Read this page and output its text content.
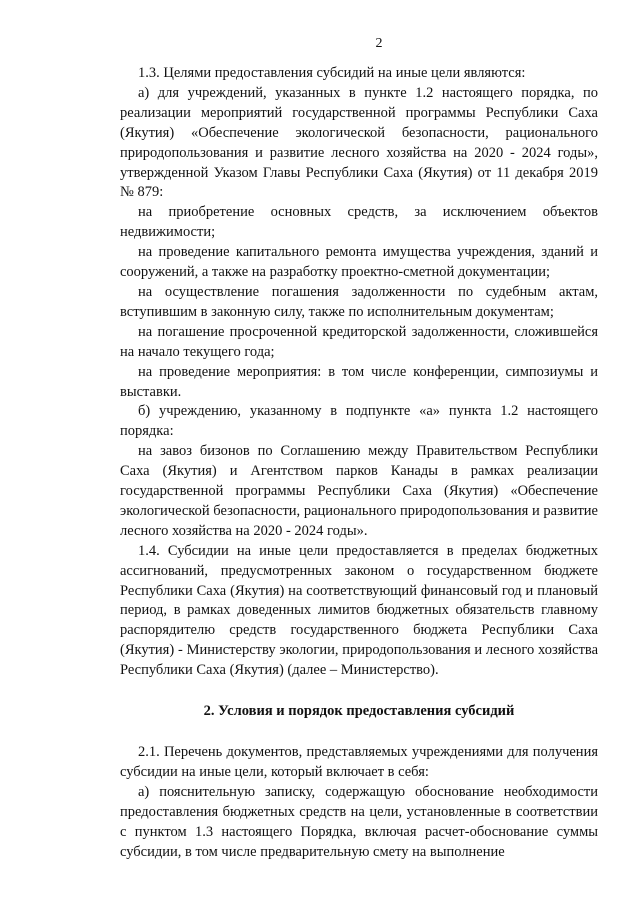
2

1.3. Целями предоставления субсидий на иные цели являются:

а) для учреждений, указанных в пункте 1.2 настоящего порядка, по реализации мероприятий государственной программы Республики Саха (Якутия) «Обеспечение экологической безопасности, рационального природопользования и развитие лесного хозяйства на 2020 - 2024 годы», утвержденной Указом Главы Республики Саха (Якутия) от 11 декабря 2019 № 879:

на приобретение основных средств, за исключением объектов недвижимости;

на проведение капитального ремонта имущества учреждения, зданий и сооружений, а также на разработку проектно-сметной документации;

на осуществление погашения задолженности по судебным актам, вступившим в законную силу, также по исполнительным документам;

на погашение просроченной кредиторской задолженности, сложившейся на начало текущего года;

на проведение мероприятия: в том числе конференции, симпозиумы и выставки.

б) учреждению, указанному в подпункте «а» пункта 1.2 настоящего порядка:

на завоз бизонов по Соглашению между Правительством Республики Саха (Якутия) и Агентством парков Канады в рамках реализации государственной программы Республики Саха (Якутия) «Обеспечение экологической безопасности, рационального природопользования и развитие лесного хозяйства на 2020 - 2024 годы».

1.4. Субсидии на иные цели предоставляется в пределах бюджетных ассигнований, предусмотренных законом о государственном бюджете Республики Саха (Якутия) на соответствующий финансовый год и плановый период, в рамках доведенных лимитов бюджетных обязательств главному распорядителю средств государственного бюджета Республики Саха (Якутия) - Министерству экологии, природопользования и лесного хозяйства Республики Саха (Якутия) (далее – Министерство).

2. Условия и порядок предоставления субсидий

2.1. Перечень документов, представляемых учреждениями для получения субсидии на иные цели, который включает в себя:

а) пояснительную записку, содержащую обоснование необходимости предоставления бюджетных средств на цели, установленные в соответствии с пунктом 1.3 настоящего Порядка, включая расчет-обоснование суммы субсидии, в том числе предварительную смету на выполнение
